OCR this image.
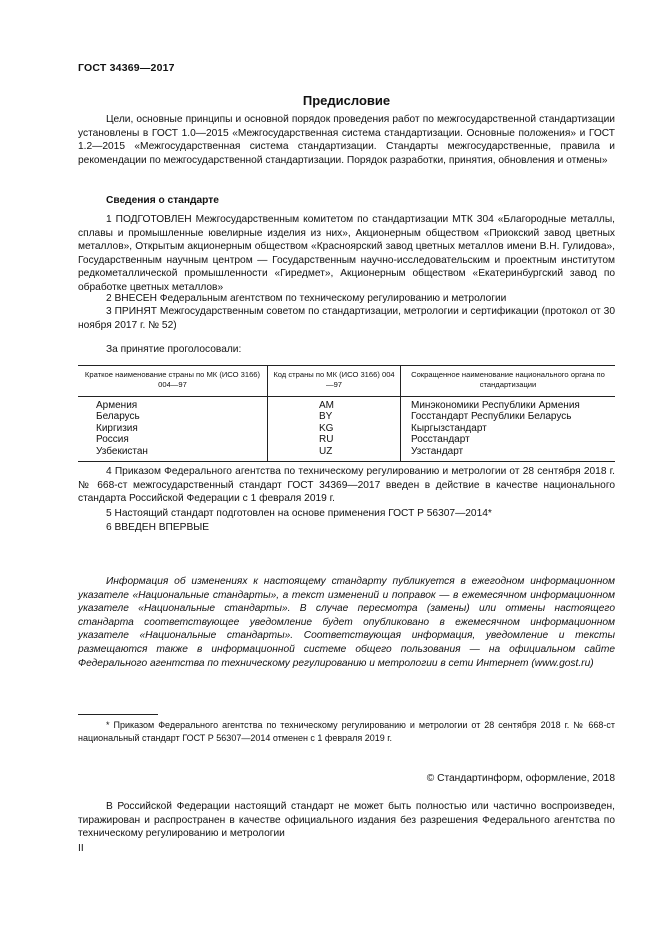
ГОСТ 34369—2017
Предисловие

Цели, основные принципы и основной порядок проведения работ по межгосударственной стандартизации установлены в ГОСТ 1.0—2015 «Межгосударственная система стандартизации. Основные положения» и ГОСТ 1.2—2015 «Межгосударственная система стандартизации. Стандарты межгосударственные, правила и рекомендации по межгосударственной стандартизации. Порядок разработки, принятия, обновления и отмены»

Сведения о стандарте

1 ПОДГОТОВЛЕН Межгосударственным комитетом по стандартизации МТК 304 «Благородные металлы, сплавы и промышленные ювелирные изделия из них», Акционерным обществом «Приокский завод цветных металлов», Открытым акционерным обществом «Красноярский завод цветных металлов имени В.Н. Гулидова», Государственным научным центром — Государственным научно-исследовательским и проектным институтом редкометаллической промышленности «Гиредмет», Акционерным обществом «Екатеринбургский завод по обработке цветных металлов»

2 ВНЕСЕН Федеральным агентством по техническому регулированию и метрологии

3 ПРИНЯТ Межгосударственным советом по стандартизации, метрологии и сертификации (протокол от 30 ноября 2017 г. № 52)

За принятие проголосовали:

Краткое наименование страны по МК (ИСО 3166) 004—97	Код страны по МК (ИСО 3166) 004—97	Сокращенное наименование национального органа по стандартизации
Армения	AM	Минэкономики Республики Армения
Беларусь	BY	Госстандарт Республики Беларусь
Киргизия	KG	Кыргызстандарт
Россия	RU	Росстандарт
Узбекистан	UZ	Узстандарт

4 Приказом Федерального агентства по техническому регулированию и метрологии от 28 сентября 2018 г. № 668-ст межгосударственный стандарт ГОСТ 34369—2017 введен в действие в качестве национального стандарта Российской Федерации с 1 февраля 2019 г.

5 Настоящий стандарт подготовлен на основе применения ГОСТ Р 56307—2014*

6 ВВЕДЕН ВПЕРВЫЕ

Информация об изменениях к настоящему стандарту публикуется в ежегодном информационном указателе «Национальные стандарты», а текст изменений и поправок — в ежемесячном информационном указателе «Национальные стандарты». В случае пересмотра (замены) или отмены настоящего стандарта соответствующее уведомление будет опубликовано в ежемесячном информационном указателе «Национальные стандарты». Соответствующая информация, уведомление и тексты размещаются также в информационной системе общего пользования — на официальном сайте Федерального агентства по техническому регулированию и метрологии в сети Интернет (www.gost.ru)

* Приказом Федерального агентства по техническому регулированию и метрологии от 28 сентября 2018 г. № 668-ст национальный стандарт ГОСТ Р 56307—2014 отменен с 1 февраля 2019 г.

© Стандартинформ, оформление, 2018

В Российской Федерации настоящий стандарт не может быть полностью или частично воспроизведен, тиражирован и распространен в качестве официального издания без разрешения Федерального агентства по техническому регулированию и метрологии

II
